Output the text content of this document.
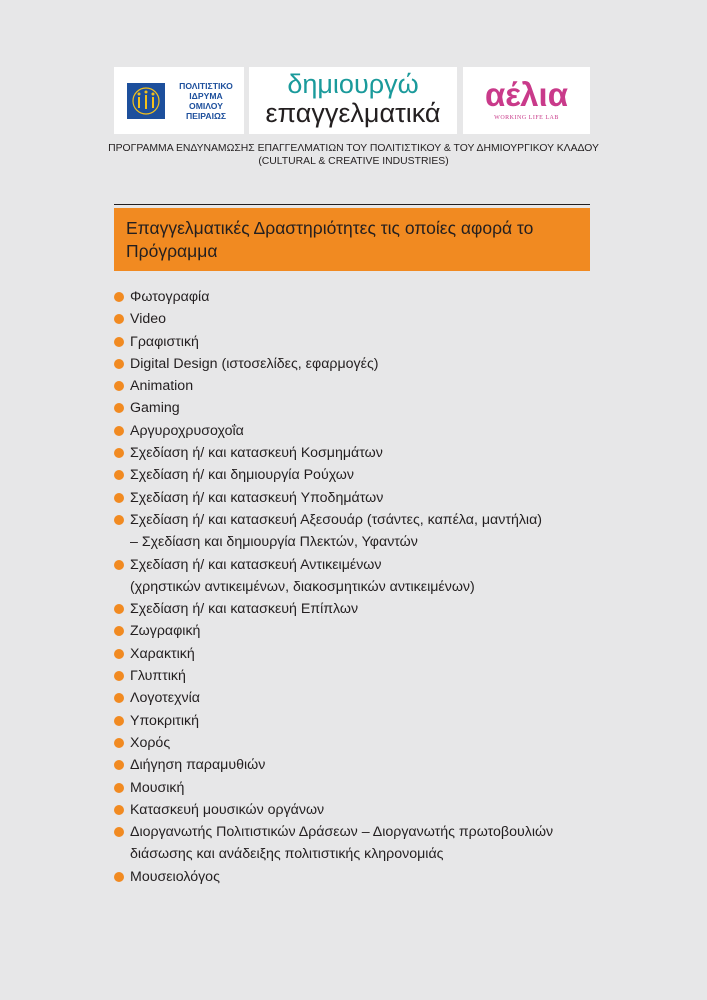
ΠΟΛΙΤΙΣΤΙΚΟ
ΙΔΡΥΜΑ
ΟΜΙΛΟΥ
ΠΕΙΡΑΙΩΣ
δημιουργώ
επαγγελματικά	αέλια
WORKING LIFE LAB
ΠΡΟΓΡΑΜΜΑ ΕΝΔΥΝΑΜΩΣΗΣ ΕΠΑΓΓΕΛΜΑΤΙΩΝ ΤΟΥ ΠΟΛΙΤΙΣΤΙΚΟΥ & ΤΟΥ ΔΗΜΙΟΥΡΓΙΚΟΥ ΚΛΑΔΟΥ
(CULTURAL & CREATIVE INDUSTRIES)
Επαγγελματικές Δραστηριότητες τις οποίες αφορά το Πρόγραμμα
Φωτογραφία
Video
Γραφιστική
Digital Design (ιστοσελίδες, εφαρμογές)
Animation
Gaming
Αργυροχρυσοχοΐα
Σχεδίαση ή/ και κατασκευή Κοσμημάτων
Σχεδίαση ή/ και δημιουργία Ρούχων
Σχεδίαση ή/ και κατασκευή Υποδημάτων
Σχεδίαση ή/ και κατασκευή Αξεσουάρ (τσάντες, καπέλα, μαντήλια)
– Σχεδίαση και δημιουργία Πλεκτών, Υφαντών
Σχεδίαση ή/ και κατασκευή Αντικειμένων
(χρηστικών αντικειμένων, διακοσμητικών αντικειμένων)
Σχεδίαση ή/ και κατασκευή Επίπλων
Ζωγραφική
Χαρακτική
Γλυπτική
Λογοτεχνία
Υποκριτική
Χορός
Διήγηση παραμυθιών
Μουσική
Κατασκευή μουσικών οργάνων
Διοργανωτής Πολιτιστικών Δράσεων – Διοργανωτής πρωτοβουλιών
διάσωσης και ανάδειξης πολιτιστικής κληρονομιάς
Μουσειολόγος
